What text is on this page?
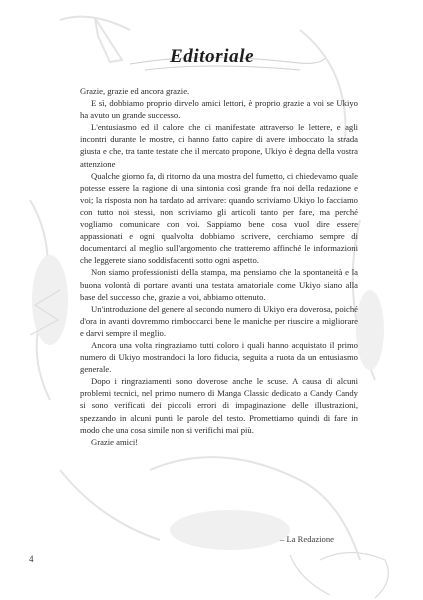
Editoriale

Grazie, grazie ed ancora grazie.

E sì, dobbiamo proprio dirvelo amici lettori, è proprio grazie a voi se Ukiyo ha avuto un grande successo.

L'entusiasmo ed il calore che ci manifestate attraverso le lettere, e agli incontri durante le mostre, ci hanno fatto capire di avere imboccato la strada giusta e che, tra tante testate che il mercato propone, Ukiyo è degna della vostra attenzione

Qualche giorno fa, di ritorno da una mostra del fumetto, ci chiedevamo quale potesse essere la ragione di una sintonia così grande fra noi della redazione e voi; la risposta non ha tardato ad arrivare: quando scriviamo Ukiyo lo facciamo con tutto noi stessi, non scriviamo gli articoli tanto per fare, ma perché vogliamo comunicare con voi. Sappiamo bene cosa vuol dire essere appassionati e ogni qualvolta dobbiamo scrivere, cerchiamo sempre di documentarci al meglio sull'argomento che tratteremo affinché le informazioni che leggerete siano soddisfacenti sotto ogni aspetto.

Non siamo professionisti della stampa, ma pensiamo che la spontaneità e la buona volontà di portare avanti una testata amatoriale come Ukiyo siano alla base del successo che, grazie a voi, abbiamo ottenuto.

Un'introduzione del genere al secondo numero di Ukiyo era doverosa, poiché d'ora in avanti dovremmo rimboccarci bene le maniche per riuscire a migliorare e darvi sempre il meglio.

Ancora una volta ringraziamo tutti coloro i quali hanno acquistato il primo numero di Ukiyo mostrandoci la loro fiducia, seguita a ruota da un entusiasmo generale.

Dopo i ringraziamenti sono doverose anche le scuse. A causa di alcuni problemi tecnici, nel primo numero di Manga Classic dedicato a Candy Candy si sono verificati dei piccoli errori di impaginazione delle illustrazioni, spezzando in alcuni punti le parole del testo. Promettiamo quindi di fare in modo che una cosa simile non si verifichi mai più.

Grazie amici!

– La Redazione

4
